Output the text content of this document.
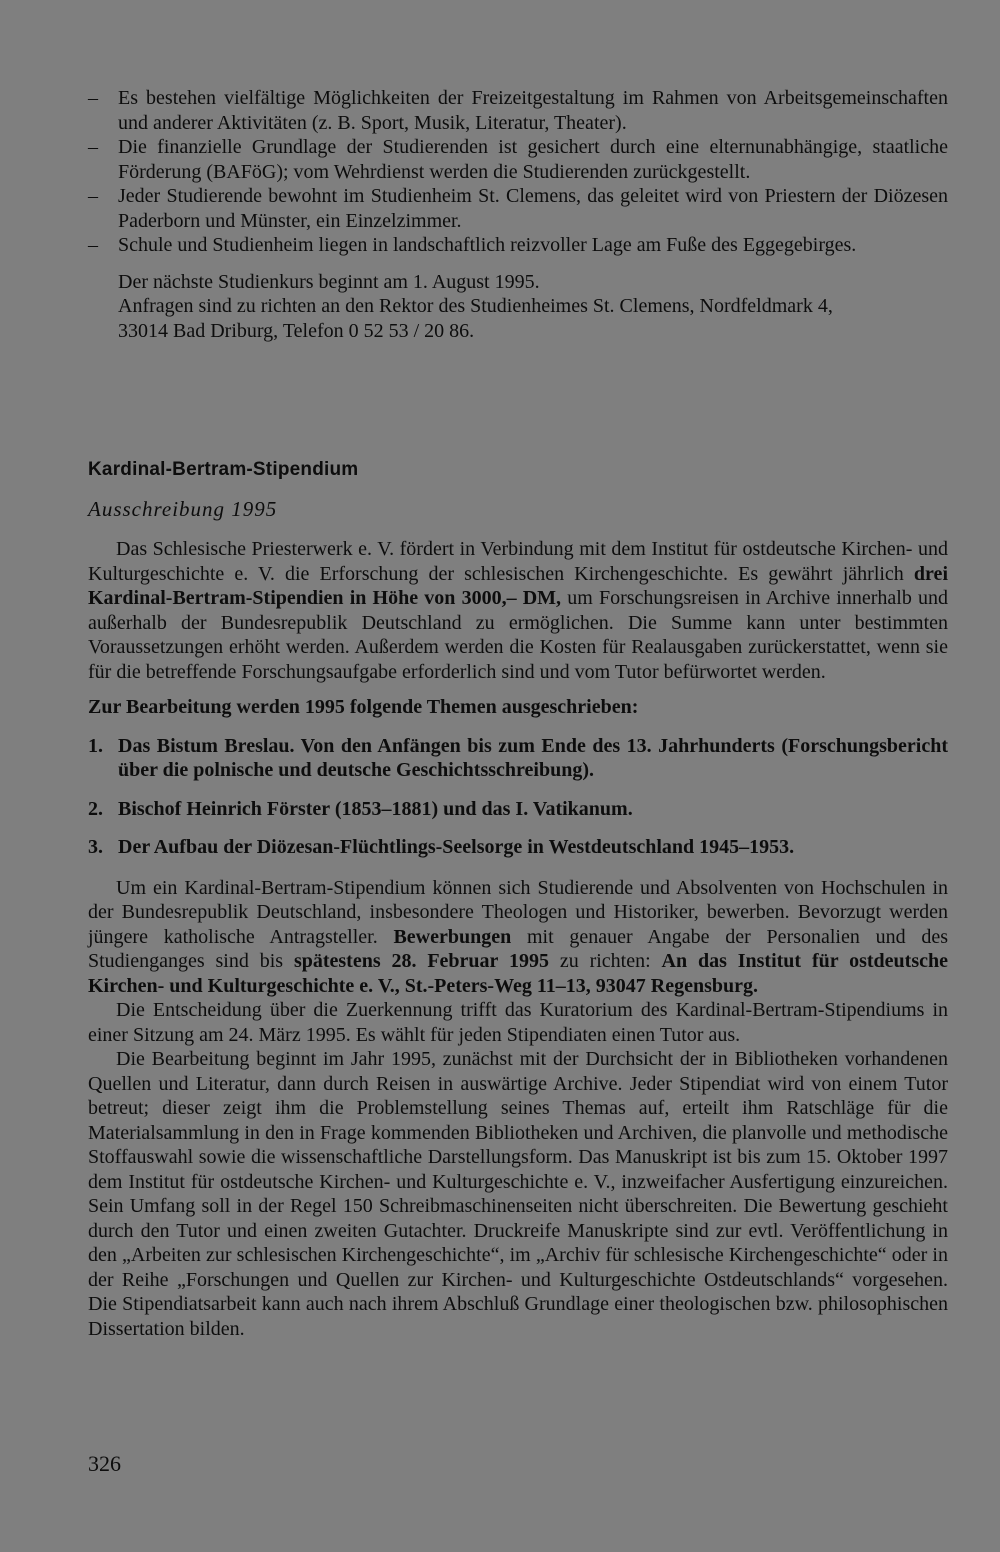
– Es bestehen vielfältige Möglichkeiten der Freizeitgestaltung im Rahmen von Arbeitsgemeinschaften und anderer Aktivitäten (z. B. Sport, Musik, Literatur, Theater).
– Die finanzielle Grundlage der Studierenden ist gesichert durch eine elternunabhängige, staatliche Förderung (BAFöG); vom Wehrdienst werden die Studierenden zurückgestellt.
– Jeder Studierende bewohnt im Studienheim St. Clemens, das geleitet wird von Priestern der Diözesen Paderborn und Münster, ein Einzelzimmer.
– Schule und Studienheim liegen in landschaftlich reizvoller Lage am Fuße des Eggegebirges.

Der nächste Studienkurs beginnt am 1. August 1995.

Anfragen sind zu richten an den Rektor des Studienheimes St. Clemens, Nordfeldmark 4,

33014 Bad Driburg, Telefon 0 52 53 / 20 86.

Kardinal-Bertram-Stipendium
Ausschreibung 1995

Das Schlesische Priesterwerk e. V. fördert in Verbindung mit dem Institut für ostdeutsche Kirchen- und Kulturgeschichte e. V. die Erforschung der schlesischen Kirchengeschichte. Es gewährt jährlich drei Kardinal-Bertram-Stipendien in Höhe von 3000,– DM, um Forschungsreisen in Archive innerhalb und außerhalb der Bundesrepublik Deutschland zu ermöglichen. Die Summe kann unter bestimmten Voraussetzungen erhöht werden. Außerdem werden die Kosten für Realausgaben zurückerstattet, wenn sie für die betreffende Forschungsaufgabe erforderlich sind und vom Tutor befürwortet werden.

Zur Bearbeitung werden 1995 folgende Themen ausgeschrieben:

1. Das Bistum Breslau. Von den Anfängen bis zum Ende des 13. Jahrhunderts (Forschungsbericht über die polnische und deutsche Geschichtsschreibung).
2. Bischof Heinrich Förster (1853–1881) und das I. Vatikanum.
3. Der Aufbau der Diözesan-Flüchtlings-Seelsorge in Westdeutschland 1945–1953.

Um ein Kardinal-Bertram-Stipendium können sich Studierende und Absolventen von Hochschulen in der Bundesrepublik Deutschland, insbesondere Theologen und Historiker, bewerben. Bevorzugt werden jüngere katholische Antragsteller. Bewerbungen mit genauer Angabe der Personalien und des Studienganges sind bis spätestens 28. Februar 1995 zu richten: An das Institut für ostdeutsche Kirchen- und Kulturgeschichte e. V., St.-Peters-Weg 11–13, 93047 Regensburg.

Die Entscheidung über die Zuerkennung trifft das Kuratorium des Kardinal-Bertram-Stipendiums in einer Sitzung am 24. März 1995. Es wählt für jeden Stipendiaten einen Tutor aus.

Die Bearbeitung beginnt im Jahr 1995, zunächst mit der Durchsicht der in Bibliotheken vorhandenen Quellen und Literatur, dann durch Reisen in auswärtige Archive. Jeder Stipendiat wird von einem Tutor betreut; dieser zeigt ihm die Problemstellung seines Themas auf, erteilt ihm Ratschläge für die Materialsammlung in den in Frage kommenden Bibliotheken und Archiven, die planvolle und methodische Stoffauswahl sowie die wissenschaftliche Darstellungsform. Das Manuskript ist bis zum 15. Oktober 1997 dem Institut für ostdeutsche Kirchen- und Kulturgeschichte e. V., inzweifacher Ausfertigung einzureichen. Sein Umfang soll in der Regel 150 Schreibmaschinenseiten nicht überschreiten. Die Bewertung geschieht durch den Tutor und einen zweiten Gutachter. Druckreife Manuskripte sind zur evtl. Veröffentlichung in den „Arbeiten zur schlesischen Kirchengeschichte“, im „Archiv für schlesische Kirchengeschichte“ oder in der Reihe „Forschungen und Quellen zur Kirchen- und Kulturgeschichte Ostdeutschlands“ vorgesehen. Die Stipendiatsarbeit kann auch nach ihrem Abschluß Grundlage einer theologischen bzw. philosophischen Dissertation bilden.

326
